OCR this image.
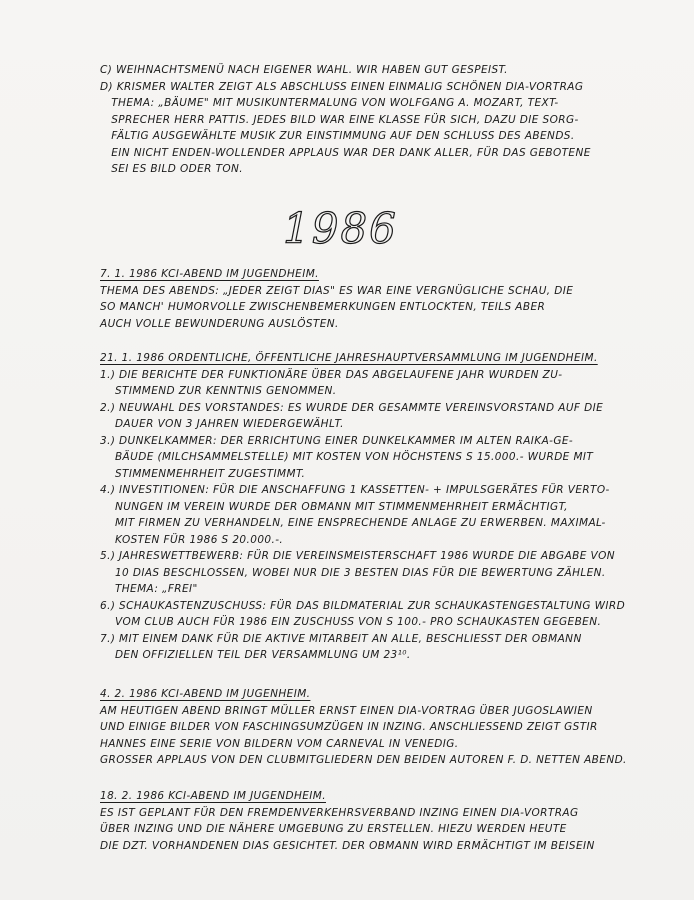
C) WEIHNACHTSMENÜ NACH EIGENER WAHL. WIR HABEN GUT GESPEIST.

D) KRISMER WALTER ZEIGT ALS ABSCHLUSS EINEN EINMALIG SCHÖNEN DIA-VORTRAG

THEMA: „BÄUME" MIT MUSIKUNTERMALUNG VON WOLFGANG A. MOZART, TEXT-

SPRECHER HERR PATTIS. JEDES BILD WAR EINE KLASSE FÜR SICH, DAZU DIE SORG-

FÄLTIG AUSGEWÄHLTE MUSIK ZUR EINSTIMMUNG AUF DEN SCHLUSS DES ABENDS.

EIN NICHT ENDEN-WOLLENDER APPLAUS WAR DER DANK ALLER, FÜR DAS GEBOTENE

SEI ES BILD ODER TON.

1986

7. 1. 1986 KCI-ABEND IM JUGENDHEIM.

THEMA DES ABENDS: „JEDER ZEIGT DIAS" ES WAR EINE VERGNÜGLICHE SCHAU, DIE

SO MANCH' HUMORVOLLE ZWISCHENBEMERKUNGEN ENTLOCKTEN, TEILS ABER

AUCH VOLLE BEWUNDERUNG AUSLÖSTEN.

21. 1. 1986 ORDENTLICHE, ÖFFENTLICHE JAHRESHAUPTVERSAMMLUNG IM JUGENDHEIM.

1.) DIE BERICHTE DER FUNKTIONÄRE ÜBER DAS ABGELAUFENE JAHR WURDEN ZU-

STIMMEND ZUR KENNTNIS GENOMMEN.

2.) NEUWAHL DES VORSTANDES: ES WURDE DER GESAMMTE VEREINSVORSTAND AUF DIE

DAUER VON 3 JAHREN WIEDERGEWÄHLT.

3.) DUNKELKAMMER: DER ERRICHTUNG EINER DUNKELKAMMER IM ALTEN RAIKA-GE-

BÄUDE (MILCHSAMMELSTELLE) MIT KOSTEN VON HÖCHSTENS S 15.000.- WURDE MIT

STIMMENMEHRHEIT ZUGESTIMMT.

4.) INVESTITIONEN: FÜR DIE ANSCHAFFUNG 1 KASSETTEN- + IMPULSGERÄTES FÜR VERTO-

NUNGEN IM VEREIN WURDE DER OBMANN MIT STIMMENMEHRHEIT ERMÄCHTIGT,

MIT FIRMEN ZU VERHANDELN, EINE ENSPRECHENDE ANLAGE ZU ERWERBEN. MAXIMAL-

KOSTEN FÜR 1986 S 20.000.-.

5.) JAHRESWETTBEWERB: FÜR DIE VEREINSMEISTERSCHAFT 1986 WURDE DIE ABGABE VON

10 DIAS BESCHLOSSEN, WOBEI NUR DIE 3 BESTEN DIAS FÜR DIE BEWERTUNG ZÄHLEN.

THEMA: „FREI"

6.) SCHAUKASTENZUSCHUSS: FÜR DAS BILDMATERIAL ZUR SCHAUKASTENGESTALTUNG WIRD

VOM CLUB AUCH FÜR 1986 EIN ZUSCHUSS VON S 100.- PRO SCHAUKASTEN GEGEBEN.

7.) MIT EINEM DANK FÜR DIE AKTIVE MITARBEIT AN ALLE, BESCHLIESST DER OBMANN

DEN OFFIZIELLEN TEIL DER VERSAMMLUNG UM 23¹⁰.

4. 2. 1986 KCI-ABEND IM JUGENHEIM.

AM HEUTIGEN ABEND BRINGT MÜLLER ERNST EINEN DIA-VORTRAG ÜBER JUGOSLAWIEN

UND EINIGE BILDER VON FASCHINGSUMZÜGEN IN INZING. ANSCHLIESSEND ZEIGT GSTIR

HANNES EINE SERIE VON BILDERN VOM CARNEVAL IN VENEDIG.

GROSSER APPLAUS VON DEN CLUBMITGLIEDERN DEN BEIDEN AUTOREN F. D. NETTEN ABEND.

18. 2. 1986 KCI-ABEND IM JUGENDHEIM.

ES IST GEPLANT FÜR DEN FREMDENVERKEHRSVERBAND INZING EINEN DIA-VORTRAG

ÜBER INZING UND DIE NÄHERE UMGEBUNG ZU ERSTELLEN. HIEZU WERDEN HEUTE

DIE DZT. VORHANDENEN DIAS GESICHTET. DER OBMANN WIRD ERMÄCHTIGT IM BEISEIN
